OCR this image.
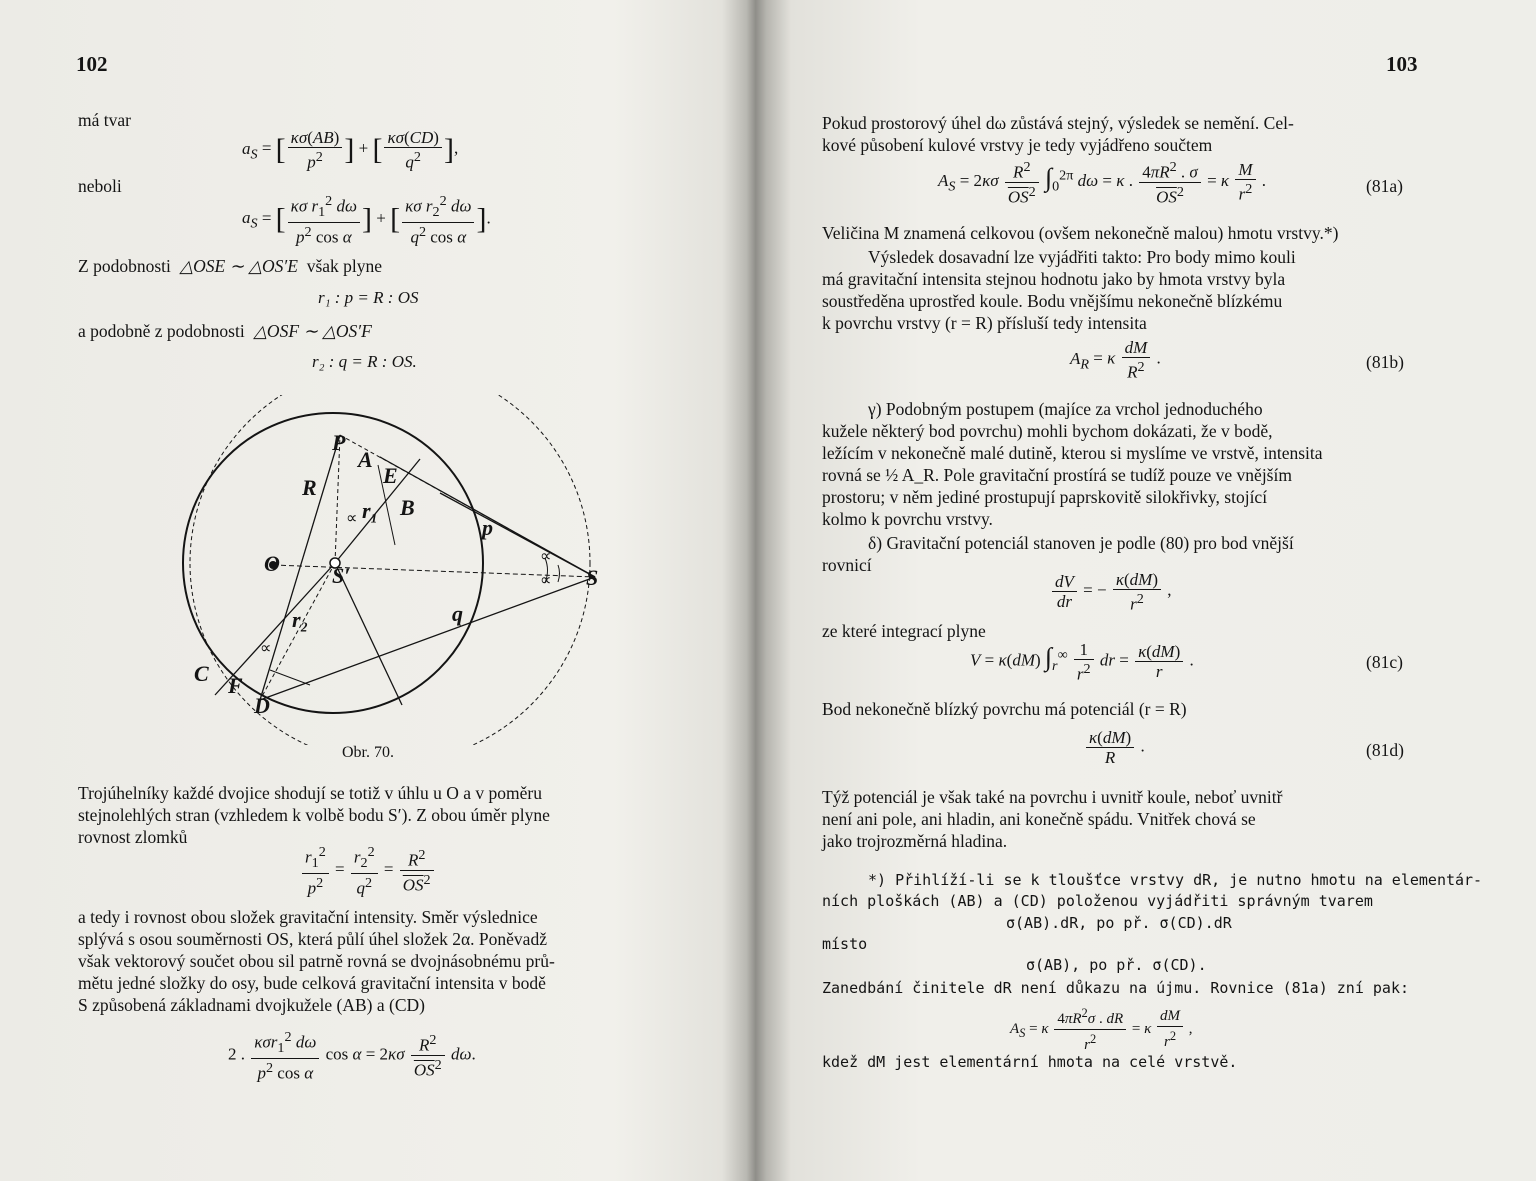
102
má tvar
$a_S$ = [ $\frac{\kappa\sigma(AB)}{p^2}$ ] + [ $\frac{\kappa\sigma(CD)}{q^2}$ ],
neboli
$a_S$ = [ $\frac{\kappa\sigma r_1^2 d\omega}{p^2 \cos \alpha}$ ] + [ $\frac{\kappa\sigma r_2^2 d\omega}{q^2 \cos \alpha}$ ].
Z podobnosti △OSE ∼ △OS′E však plyne
r₁ : p = R : OS
a podobně z podobnosti △OSF ∼ △OS′F
r₂ : q = R : OS.
P
A
E
B
R
r₁
p
O S′	S
q
r₂
C F
D
∝
∝
∝
∝
Obr. 70.
Trojúhelníky každé dvojice shodují se totiž v úhlu u O a v poměru
stejnolehlých stran (vzhledem k volbě bodu S′). Z obou úměr plyne
rovnost zlomků
$\frac{r_1^2}{p^2} = \frac{r_2^2}{q^2} = \frac{R^2}{\overline{OS}^2}$
a tedy i rovnost obou složek gravitační intensity. Směr výslednice
splývá s osou souměrnosti OS, která půlí úhel složek 2α. Poněvadž
však vektorový součet obou sil patrně rovná se dvojnásobnému prů-
mětu jedné složky do osy, bude celková gravitační intensita v bodě
S způsobená základnami dvojkužele (AB) a (CD)
2 . $\frac{\kappa\sigma r_1^2 d\omega}{p^2 \cos \alpha}$ $\cos \alpha = 2\kappa\sigma \frac{R^2}{\overline{OS}^2} d\omega$.
103
Pokud prostorový úhel dω zůstává stejný, výsledek se nemění. Cel-
kové působení kulové vrstvy je tedy vyjádřeno součtem
$A_S = 2\kappa\sigma \frac{R^2}{\overline{OS}^2} \int_0^{2\pi}$ dω = κ . $\frac{4\pi R^2 . \sigma}{\overline{OS}^2} = \kappa \frac{M}{r^2}$ .	(81a)
Veličina M znamená celkovou (ovšem nekonečně malou) hmotu vrstvy.*)
Výsledek dosavadní lze vyjádřiti takto: Pro body mimo kouli
má gravitační intensita stejnou hodnotu jako by hmota vrstvy byla
soustředěna uprostřed koule. Bodu vnějšímu nekonečně blízkému
k povrchu vrstvy (r = R) přísluší tedy intensita
$A_R = \kappa \frac{dM}{R^2}$ .	(81b)
γ) Podobným postupem (majíce za vrchol jednoduchého
kužele některý bod povrchu) mohli bychom dokázati, že v bodě,
ležícím v nekonečně malé dutině, kterou si myslíme ve vrstvě, intensita
rovná se ½ A_R. Pole gravitační prostírá se tudíž pouze ve vnějším
prostoru; v něm jediné prostupují paprskovitě silokřivky, stojící
kolmo k povrchu vrstvy.
δ) Gravitační potenciál stanoven je podle (80) pro bod vnější
rovnicí
$\frac{dV}{dr}$ = − $\frac{\kappa(dM)}{r^2}$ ,
ze které integrací plyne
V = κ(dM) $\int_r^\infty \frac{1}{r^2}$ dr = $\frac{\kappa(dM)}{r}$ .	(81c)
Bod nekonečně blízký povrchu má potenciál (r = R)
$\frac{\kappa(dM)}{R}$ .	(81d)
Týž potenciál je však také na povrchu i uvnitř koule, neboť uvnitř
není ani pole, ani hladin, ani konečně spádu. Vnitřek chová se
jako trojrozměrná hladina.
*) Přihlíží-li se k tloušťce vrstvy dR, je nutno hmotu na elementár-
ních ploškách (AB) a (CD) položenou vyjádřiti správným tvarem
σ(AB).dR, po př. σ(CD).dR
místo
σ(AB), po př. σ(CD).
Zanedbání činitele dR není důkazu na újmu. Rovnice (81a) zní pak:
$A_S = \kappa \frac{4\pi R^2\sigma . dR}{r^2} = \kappa \frac{dM}{r^2}$ ,
kdež dM jest elementární hmota na celé vrstvě.
